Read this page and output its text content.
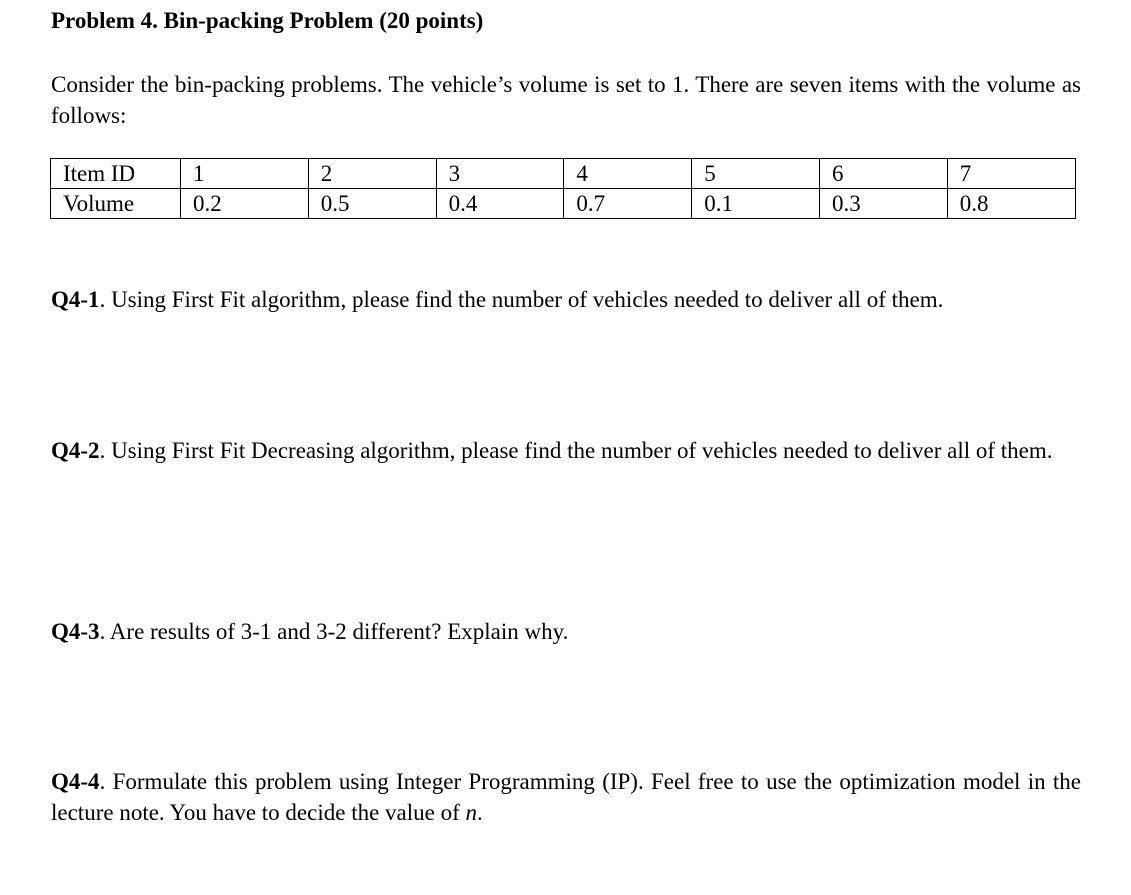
Problem 4. Bin-packing Problem (20 points)
Consider the bin-packing problems. The vehicle’s volume is set to 1. There are seven items with the volume as follows:
Item ID	1	2	3	4	5	6	7
Volume	0.2	0.5	0.4	0.7	0.1	0.3	0.8
Q4-1. Using First Fit algorithm, please find the number of vehicles needed to deliver all of them.
Q4-2. Using First Fit Decreasing algorithm, please find the number of vehicles needed to deliver all of them.
Q4-3. Are results of 3-1 and 3-2 different? Explain why.
Q4-4. Formulate this problem using Integer Programming (IP). Feel free to use the optimization model in the lecture note. You have to decide the value of n.
